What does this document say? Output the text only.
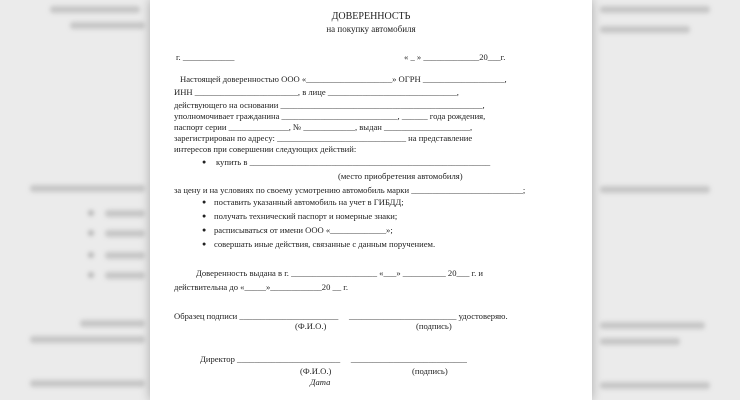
ДОВЕРЕННОСТЬ
на покупку автомобиля
г. ____________	« _ » _____________20___г.
Настоящей доверенностью ООО «____________________» ОГРН ___________________,
ИНН ________________________, в лице ______________________________,
действующего на основании _______________________________________________,
уполномочивает гражданина ___________________________, ______ года рождения,
паспорт серии ______________, № ____________, выдан ____________________,
зарегистрирован по адресу: ______________________________ на представление
интересов при совершении следующих действий:
● купить в ________________________________________________________
(место приобретения автомобиля)
за цену и на условиях по своему усмотрению автомобиль марки __________________________;
● поставить указанный автомобиль на учет в ГИБДД;
● получать технический паспорт и номерные знаки;
● расписываться от имени ООО «_____________»;
● совершать иные действия, связанные с данным поручением.
Доверенность выдана в г. ____________________ «___» __________ 20___ г. и
действительна до «_____»____________20 __ г.
Образец подписи _______________________     _________________________ удостоверяю.
(Ф.И.О.)	(подпись)
Директор ________________________     ___________________________
(Ф.И.О.)	(подпись)
Дата
